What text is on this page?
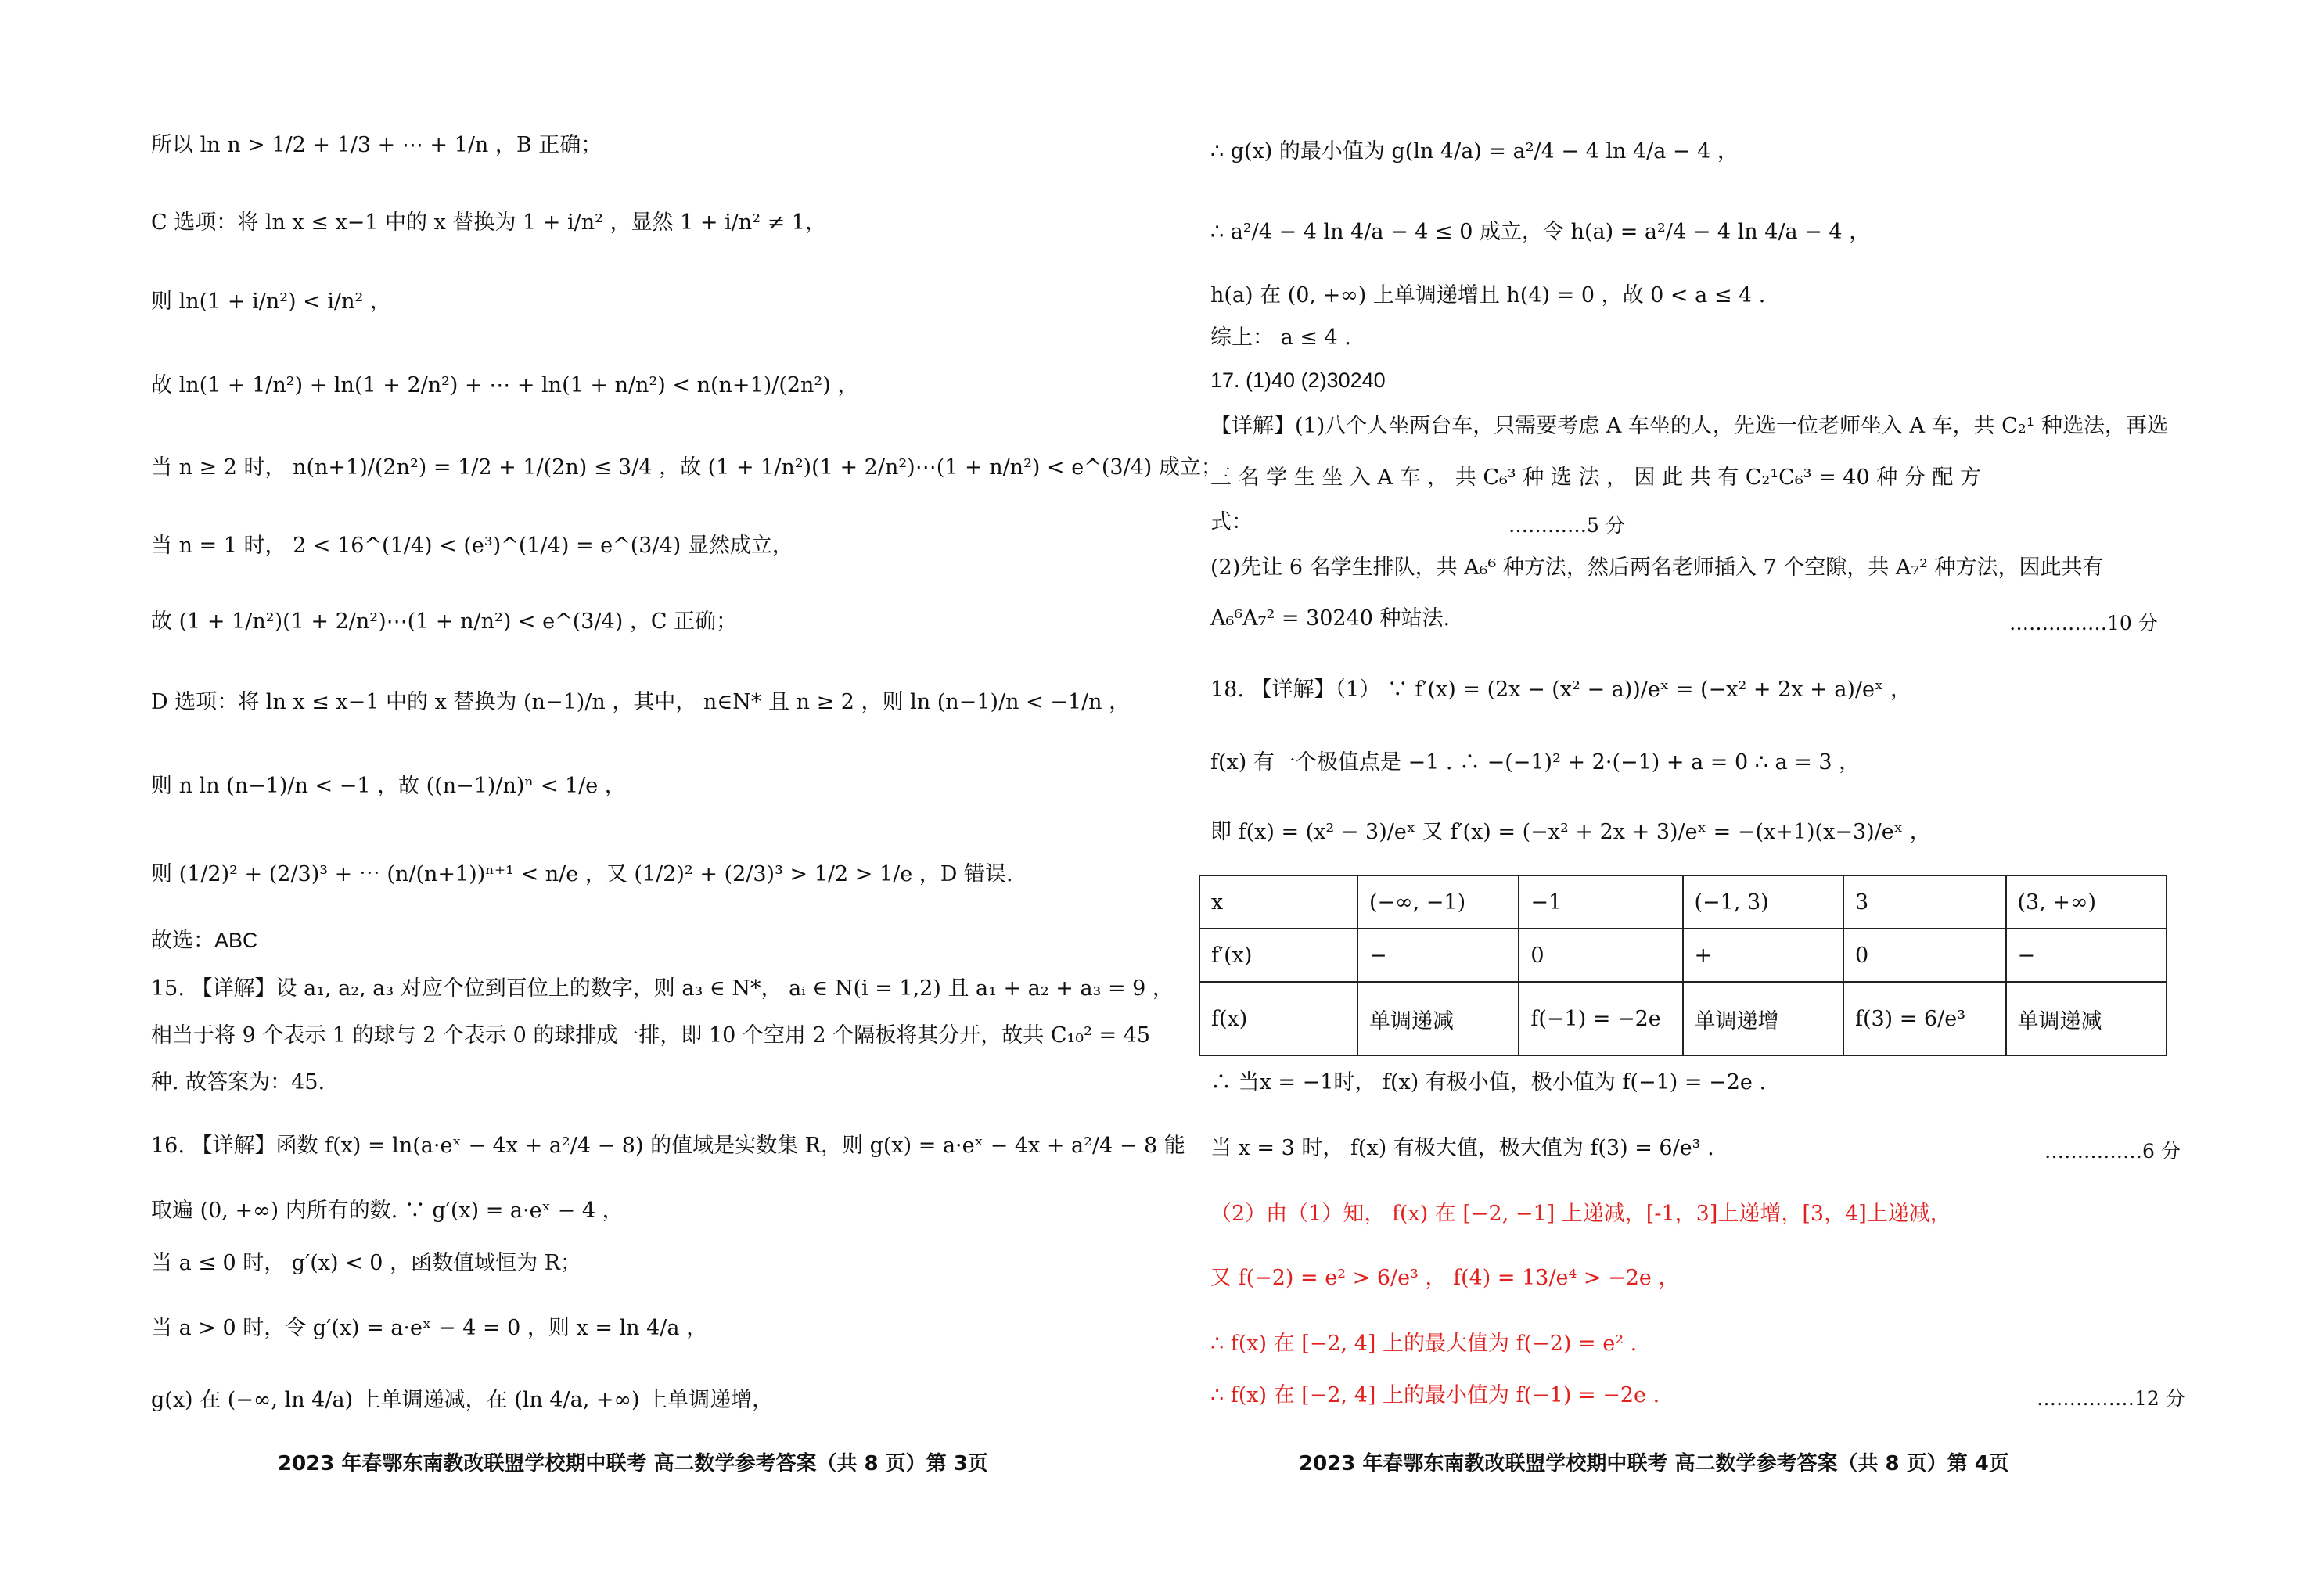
所以 ln n > 1/2 + 1/3 + ⋯ + 1/n ，B 正确；
C 选项：将 ln x ≤ x−1 中的 x 替换为 1 + i/n² ，显然 1 + i/n² ≠ 1，
则 ln(1 + i/n²) < i/n² ，
故 ln(1 + 1/n²) + ln(1 + 2/n²) + ⋯ + ln(1 + n/n²) < n(n+1)/(2n²) ，
当 n ≥ 2 时， n(n+1)/(2n²) = 1/2 + 1/(2n) ≤ 3/4 ，故 (1 + 1/n²)(1 + 2/n²)⋯(1 + n/n²) < e^(3/4) 成立；
当 n = 1 时， 2 < 16^(1/4) < (e³)^(1/4) = e^(3/4) 显然成立，
故 (1 + 1/n²)(1 + 2/n²)⋯(1 + n/n²) < e^(3/4) ，C 正确；
D 选项：将 ln x ≤ x−1 中的 x 替换为 (n−1)/n ，其中， n∈N* 且 n ≥ 2 ，则 ln (n−1)/n < −1/n ，
则 n ln (n−1)/n < −1 ，故 ((n−1)/n)ⁿ < 1/e ，
则 (1/2)² + (2/3)³ + ⋯ (n/(n+1))ⁿ⁺¹ < n/e ，又 (1/2)² + (2/3)³ > 1/2 > 1/e ，D 错误.
故选：ABC
15. 【详解】设 a₁, a₂, a₃ 对应个位到百位上的数字，则 a₃ ∈ N*， aᵢ ∈ N(i = 1,2) 且 a₁ + a₂ + a₃ = 9 ，
相当于将 9 个表示 1 的球与 2 个表示 0 的球排成一排，即 10 个空用 2 个隔板将其分开，故共 C₁₀² = 45
种. 故答案为：45.
16. 【详解】函数 f(x) = ln(a·eˣ − 4x + a²/4 − 8) 的值域是实数集 R，则 g(x) = a·eˣ − 4x + a²/4 − 8 能
取遍 (0, +∞) 内所有的数. ∵ g′(x) = a·eˣ − 4 ，
当 a ≤ 0 时， g′(x) < 0 ，函数值域恒为 R；
当 a > 0 时，令 g′(x) = a·eˣ − 4 = 0 ，则 x = ln 4/a ，
g(x) 在 (−∞, ln 4/a) 上单调递减，在 (ln 4/a, +∞) 上单调递增，
2023 年春鄂东南教改联盟学校期中联考 高二数学参考答案（共 8 页）第 3页
∴ g(x) 的最小值为 g(ln 4/a) = a²/4 − 4 ln 4/a − 4 ，
∴ a²/4 − 4 ln 4/a − 4 ≤ 0 成立，令 h(a) = a²/4 − 4 ln 4/a − 4 ，
h(a) 在 (0, +∞) 上单调递增且 h(4) = 0 ，故 0 < a ≤ 4 .
综上： a ≤ 4 .
17. (1)40 (2)30240
【详解】(1)八个人坐两台车，只需要考虑 A 车坐的人，先选一位老师坐入 A 车，共 C₂¹ 种选法，再选
三 名 学 生 坐 入 A 车 ， 共 C₆³ 种 选 法 ， 因 此 共 有 C₂¹C₆³ = 40 种 分 配 方
式：	…………5 分
(2)先让 6 名学生排队，共 A₆⁶ 种方法，然后两名老师插入 7 个空隙，共 A₇² 种方法，因此共有
A₆⁶A₇² = 30240 种站法.	……………10 分
18. 【详解】（1） ∵ f′(x) = (2x − (x² − a))/eˣ = (−x² + 2x + a)/eˣ ，
f(x) 有一个极值点是 −1 . ∴ −(−1)² + 2·(−1) + a = 0 ∴ a = 3 ，
即 f(x) = (x² − 3)/eˣ 又 f′(x) = (−x² + 2x + 3)/eˣ = −(x+1)(x−3)/eˣ ，
x	(−∞, −1)	−1	(−1, 3)	3	(3, +∞)
f′(x)	−	0	+	0	−
f(x)	单调递减	f(−1) = −2e	单调递增	f(3) = 6/e³	单调递减
∴ 当x = −1时， f(x) 有极小值，极小值为 f(−1) = −2e .
当 x = 3 时， f(x) 有极大值，极大值为 f(3) = 6/e³ .	……………6 分
（2）由（1）知， f(x) 在 [−2, −1] 上递减，[-1，3]上递增，[3，4]上递减，
又 f(−2) = e² > 6/e³ ， f(4) = 13/e⁴ > −2e ，
∴ f(x) 在 [−2, 4] 上的最大值为 f(−2) = e² .
∴ f(x) 在 [−2, 4] 上的最小值为 f(−1) = −2e .	……………12 分
2023 年春鄂东南教改联盟学校期中联考 高二数学参考答案（共 8 页）第 4页
